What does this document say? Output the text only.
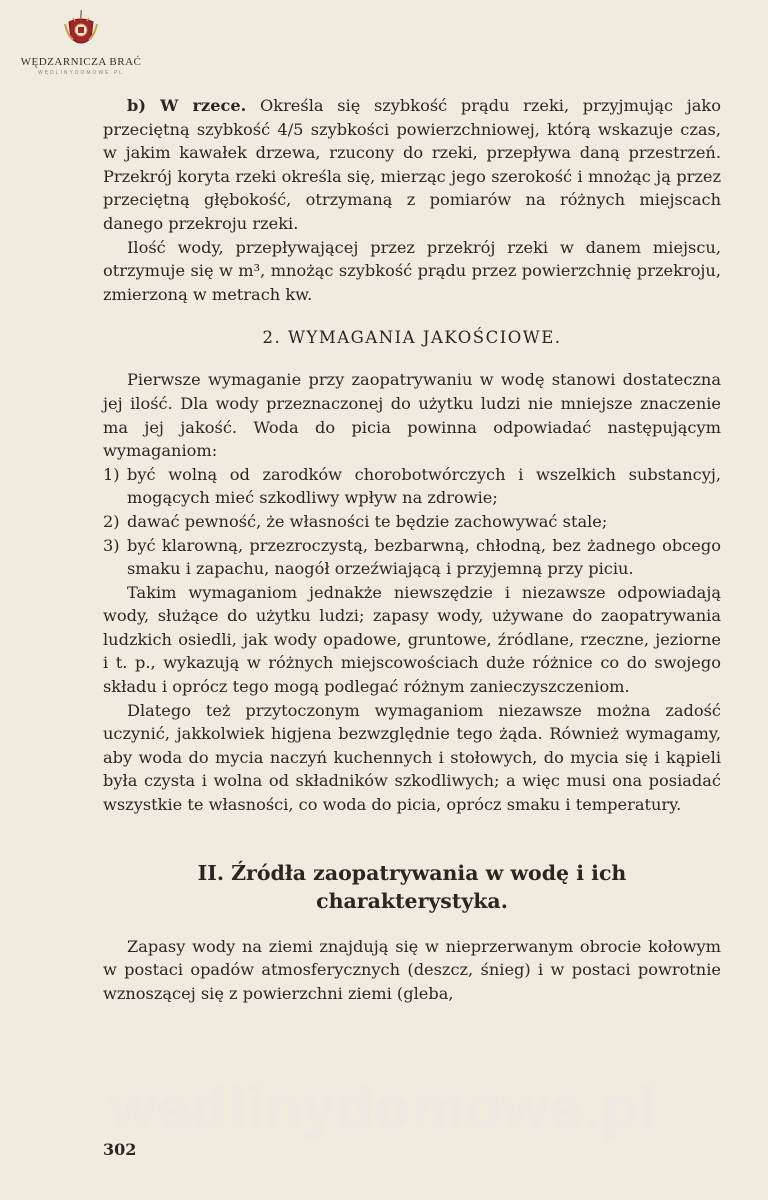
WĘDZARNICZA BRAĆ
WĘDLINYDOMOWE.PL

b) W rzece. Określa się szybkość prądu rzeki, przyjmując jako przeciętną szybkość 4/5 szybkości powierzchniowej, którą wskazuje czas, w jakim kawałek drzewa, rzucony do rzeki, przepływa daną przestrzeń. Przekrój koryta rzeki określa się, mierząc jego szerokość i mnożąc ją przez przeciętną głębokość, otrzymaną z pomiarów na różnych miejscach danego przekroju rzeki.

Ilość wody, przepływającej przez przekrój rzeki w danem miejscu, otrzymuje się w m³, mnożąc szybkość prądu przez powierzchnię przekroju, zmierzoną w metrach kw.

2. WYMAGANIA JAKOŚCIOWE.

Pierwsze wymaganie przy zaopatrywaniu w wodę stanowi dostateczna jej ilość. Dla wody przeznaczonej do użytku ludzi nie mniejsze znaczenie ma jej jakość. Woda do picia powinna odpowiadać następującym wymaganiom:

1) być wolną od zarodków chorobotwórczych i wszelkich substancyj, mogących mieć szkodliwy wpływ na zdrowie;
2) dawać pewność, że własności te będzie zachowywać stale;
3) być klarowną, przezroczystą, bezbarwną, chłodną, bez żadnego obcego smaku i zapachu, naogół orzeźwiającą i przyjemną przy piciu.

Takim wymaganiom jednakże niewszędzie i niezawsze odpowiadają wody, służące do użytku ludzi; zapasy wody, używane do zaopatrywania ludzkich osiedli, jak wody opadowe, gruntowe, źródlane, rzeczne, jeziorne i t. p., wykazują w różnych miejscowościach duże różnice co do swojego składu i oprócz tego mogą podlegać różnym zanieczyszczeniom.

Dlatego też przytoczonym wymaganiom niezawsze można zadość uczynić, jakkolwiek higjena bezwzględnie tego żąda. Również wymagamy, aby woda do mycia naczyń kuchennych i stołowych, do mycia się i kąpieli była czysta i wolna od składników szkodliwych; a więc musi ona posiadać wszystkie te własności, co woda do picia, oprócz smaku i temperatury.

II. Źródła zaopatrywania w wodę i ich
charakterystyka.

Zapasy wody na ziemi znajdują się w nieprzerwanym obrocie kołowym w postaci opadów atmosferycznych (deszcz, śnieg) i w postaci powrotnie wznoszącej się z powierzchni ziemi (gleba,

wedlinydomowe.pl
302
